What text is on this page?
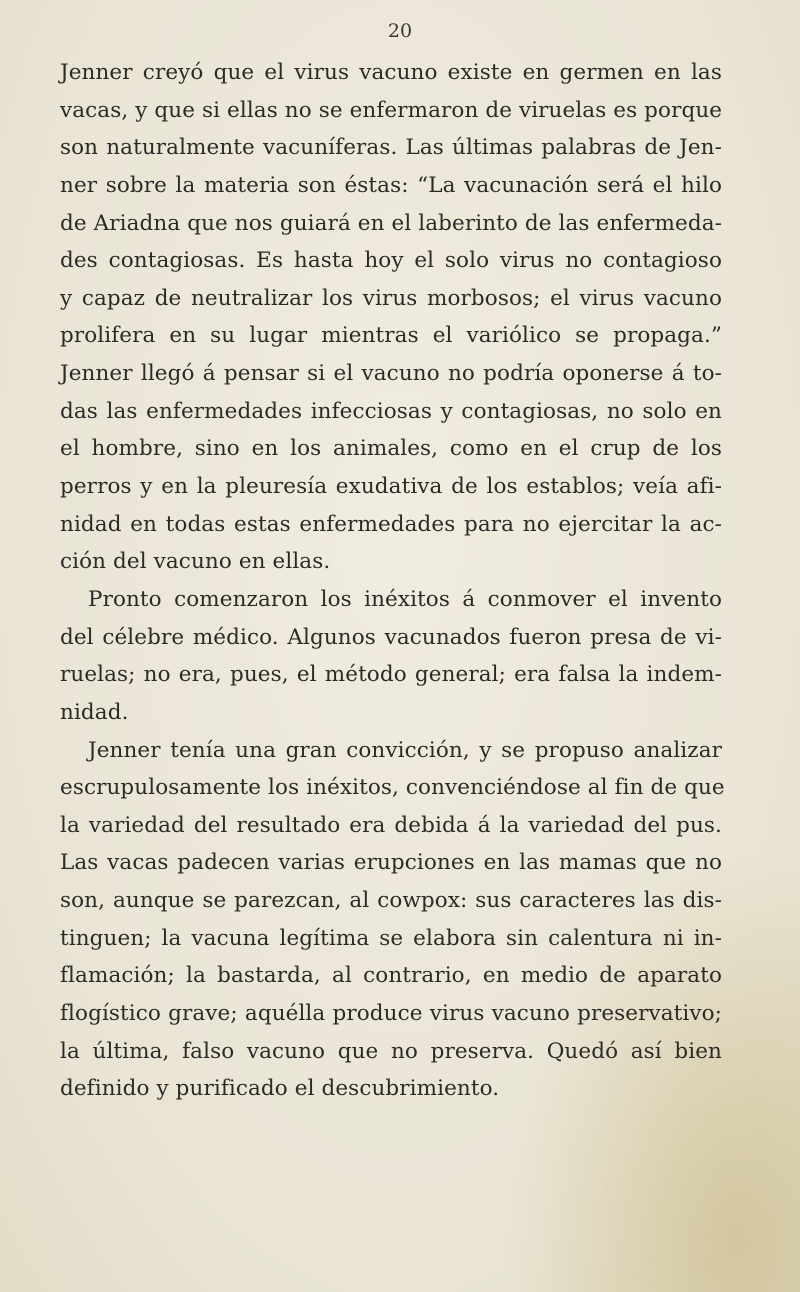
20
Jenner creyó que el virus vacuno existe en germen en las
vacas, y que si ellas no se enfermaron de viruelas es porque
son naturalmente vacuníferas. Las últimas palabras de Jen-
ner sobre la materia son éstas: “La vacunación será el hilo
de Ariadna que nos guiará en el laberinto de las enfermeda-
des contagiosas. Es hasta hoy el solo virus no contagioso
y capaz de neutralizar los virus morbosos; el virus vacuno
prolifera en su lugar mientras el variólico se propaga.”
Jenner llegó á pensar si el vacuno no podría oponerse á to-
das las enfermedades infecciosas y contagiosas, no solo en
el hombre, sino en los animales, como en el crup de los
perros y en la pleuresía exudativa de los establos; veía afi-
nidad en todas estas enfermedades para no ejercitar la ac-
ción del vacuno en ellas.
Pronto comenzaron los inéxitos á conmover el invento
del célebre médico. Algunos vacunados fueron presa de vi-
ruelas; no era, pues, el método general; era falsa la indem-
nidad.
Jenner tenía una gran convicción, y se propuso analizar
escrupulosamente los inéxitos, convenciéndose al fin de que
la variedad del resultado era debida á la variedad del pus.
Las vacas padecen varias erupciones en las mamas que no
son, aunque se parezcan, al cowpox: sus caracteres las dis-
tinguen; la vacuna legítima se elabora sin calentura ni in-
flamación; la bastarda, al contrario, en medio de aparato
flogístico grave; aquélla produce virus vacuno preservativo;
la última, falso vacuno que no preserva. Quedó así bien
definido y purificado el descubrimiento.
